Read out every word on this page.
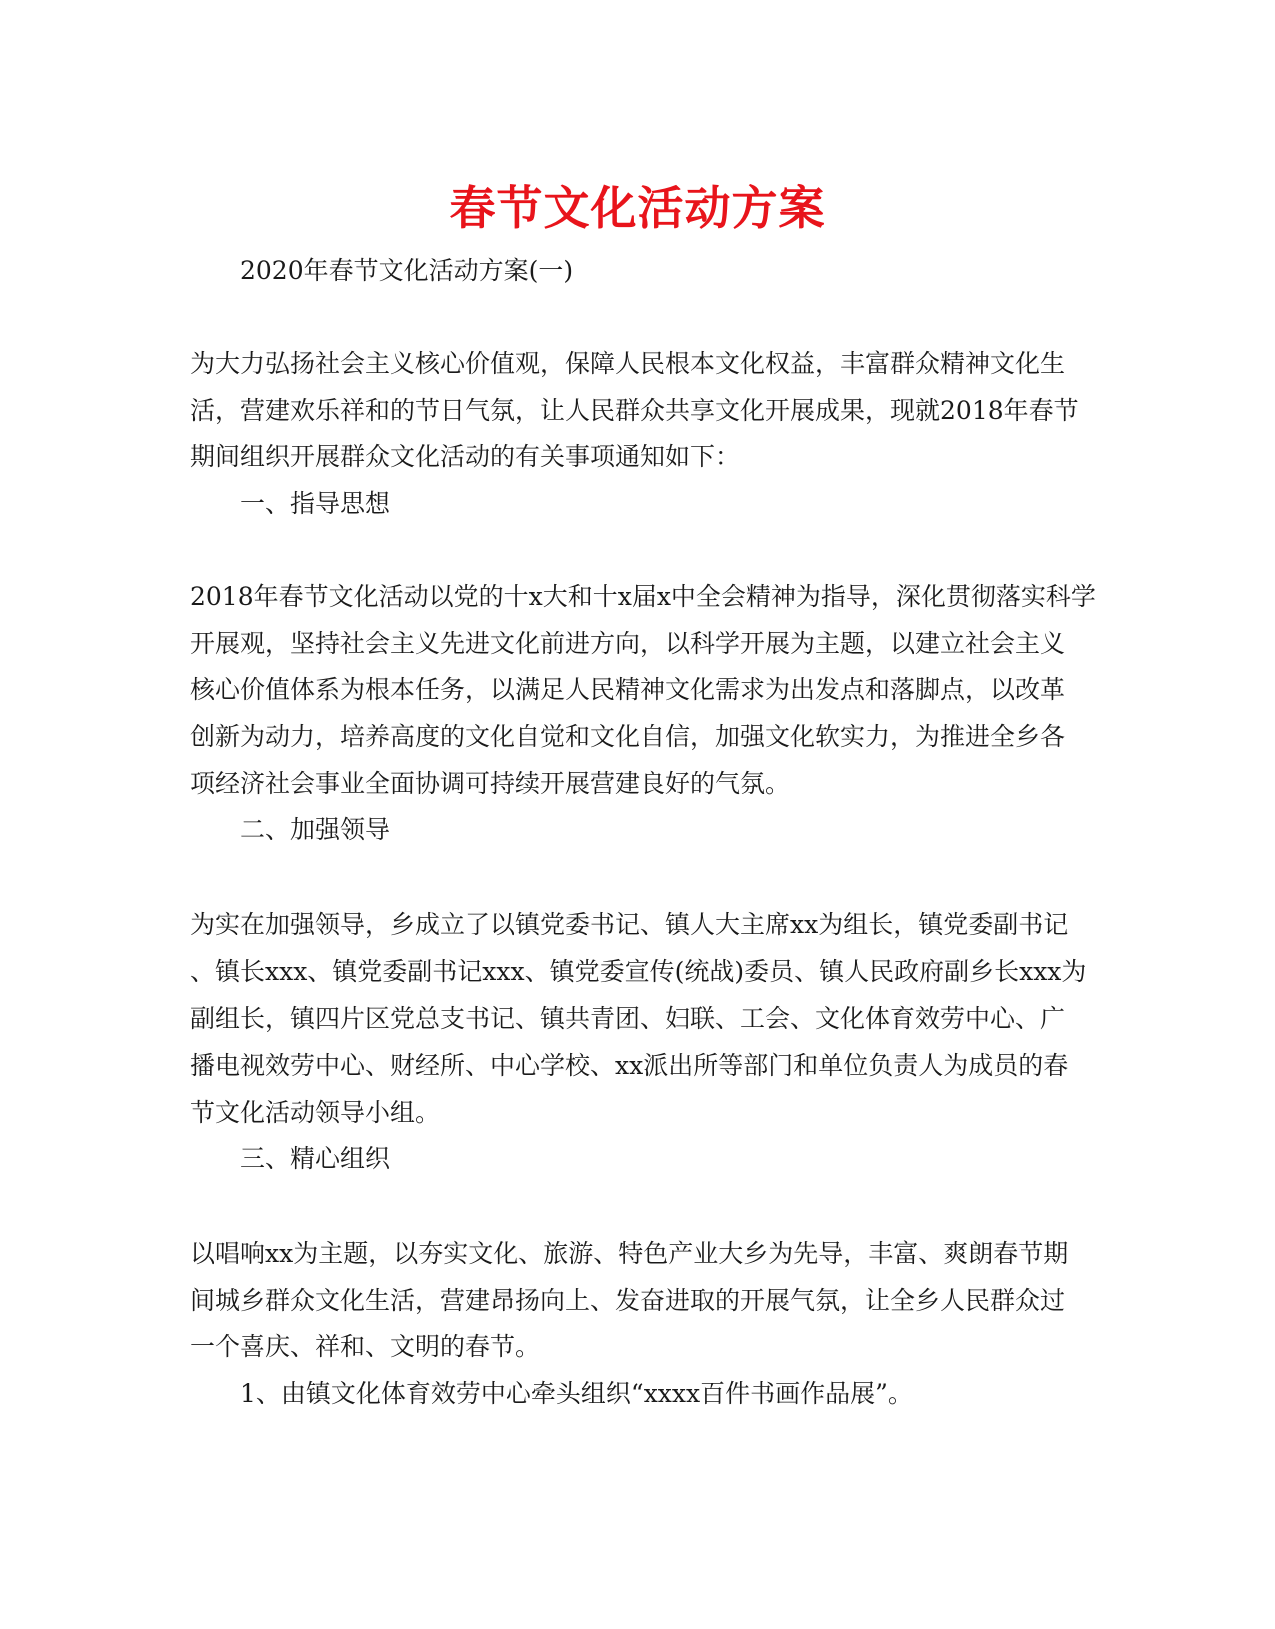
春节文化活动方案

2020年春节文化活动方案(一)

为大力弘扬社会主义核心价值观，保障人民根本文化权益，丰富群众精神文化生

活，营建欢乐祥和的节日气氛，让人民群众共享文化开展成果，现就2018年春节

期间组织开展群众文化活动的有关事项通知如下：

一、指导思想

2018年春节文化活动以党的十x大和十x届x中全会精神为指导，深化贯彻落实科学

开展观，坚持社会主义先进文化前进方向，以科学开展为主题，以建立社会主义

核心价值体系为根本任务，以满足人民精神文化需求为出发点和落脚点，以改革

创新为动力，培养高度的文化自觉和文化自信，加强文化软实力，为推进全乡各

项经济社会事业全面协调可持续开展营建良好的气氛。

二、加强领导

为实在加强领导，乡成立了以镇党委书记、镇人大主席xx为组长，镇党委副书记

、镇长xxx、镇党委副书记xxx、镇党委宣传(统战)委员、镇人民政府副乡长xxx为

副组长，镇四片区党总支书记、镇共青团、妇联、工会、文化体育效劳中心、广

播电视效劳中心、财经所、中心学校、xx派出所等部门和单位负责人为成员的春

节文化活动领导小组。

三、精心组织

以唱响xx为主题，以夯实文化、旅游、特色产业大乡为先导，丰富、爽朗春节期

间城乡群众文化生活，营建昂扬向上、发奋进取的开展气氛，让全乡人民群众过

一个喜庆、祥和、文明的春节。

1、由镇文化体育效劳中心牵头组织“xxxx百件书画作品展”。
